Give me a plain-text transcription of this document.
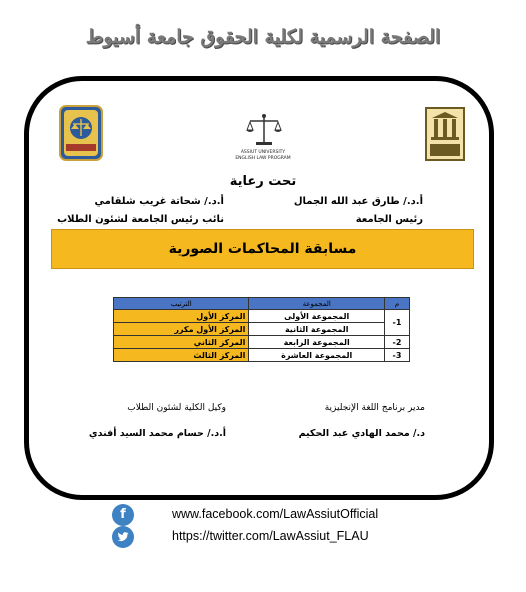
الصفحة الرسمية لكلية الحقوق جامعة أسيوط
ASSIUT UNIVERSITY
ENGLISH LAW PROGRAM
تحت رعاية
أ.د./ طارق عبد الله الجمال
رئيس الجامعة
أ.د./ شحاتة غريب شلقامي
نائب رئيس الجامعة لشئون الطلاب
مسابقة المحاكمات الصورية
م	المجموعة	الترتيب
1-	المجموعة الأولى	المركز الأول
	المجموعة الثانية	المركز الأول مكرر
2-	المجموعة الرابعة	المركز الثاني
3-	المجموعة العاشرة	المركز الثالث
مدير برنامج اللغة الإنجليزية
د./ محمد الهادي عبد الحكيم
وكيل الكلية لشئون الطلاب
أ.د./ حسام محمد السيد أفندي
f	www.facebook.com/LawAssiutOfficial
https://twitter.com/LawAssiut_FLAU
